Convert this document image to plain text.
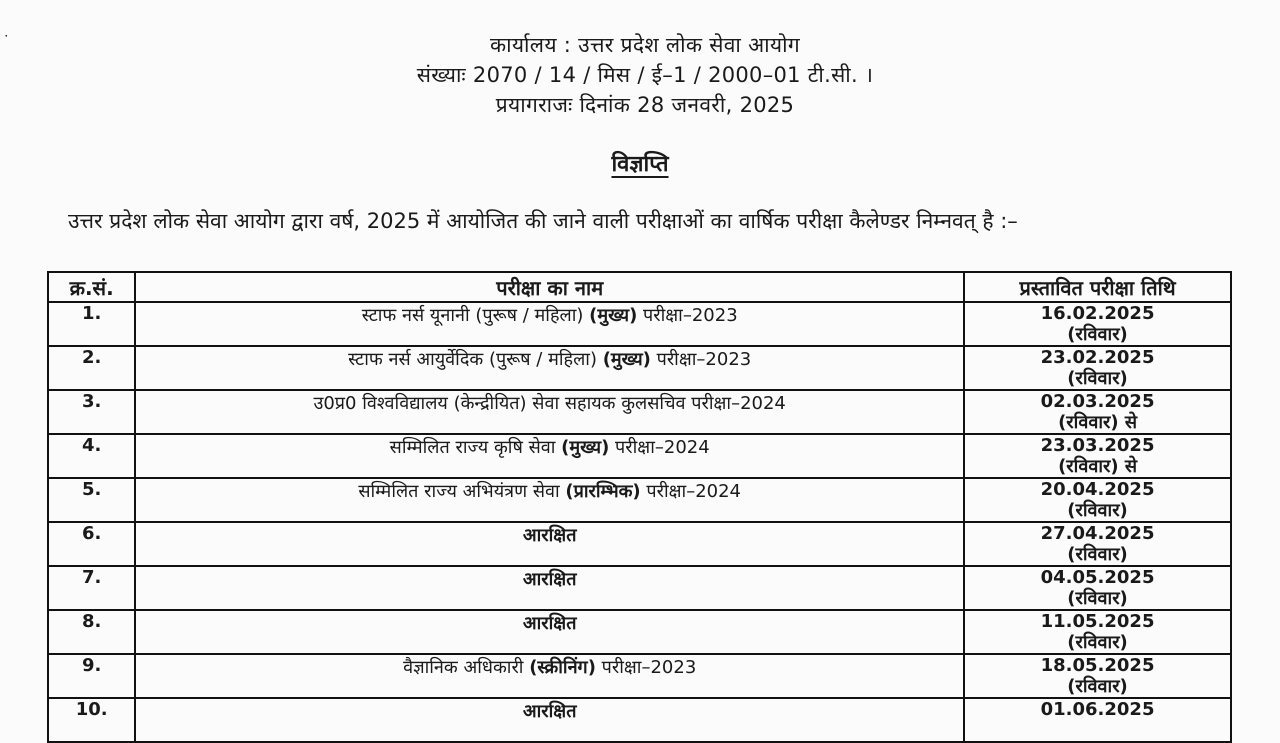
ॱ	कार्यालय : उत्तर प्रदेश लोक सेवा आयोग
संख्याः 2070 / 14 / मिस / ई–1 / 2000–01 टी.सी. ।
प्रयागराजः दिनांक 28 जनवरी, 2025
विज्ञप्ति
उत्तर प्रदेश लोक सेवा आयोग द्वारा वर्ष, 2025 में आयोजित की जाने वाली परीक्षाओं का वार्षिक परीक्षा कैलेण्डर निम्नवत् है :–
क्र.सं.	परीक्षा का नाम	प्रस्तावित परीक्षा तिथि
1.	स्टाफ नर्स यूनानी (पुरूष / महिला) (मुख्य) परीक्षा–2023	16.02.2025
(रविवार)

2.	स्टाफ नर्स आयुर्वेदिक (पुरूष / महिला) (मुख्य) परीक्षा–2023	23.02.2025
(रविवार)

3.	उ0प्र0 विश्वविद्यालय (केन्द्रीयित) सेवा सहायक कुलसचिव परीक्षा–2024	02.03.2025
(रविवार) से

4.	सम्मिलित राज्य कृषि सेवा (मुख्य) परीक्षा–2024	23.03.2025
(रविवार) से

5.	सम्मिलित राज्य अभियंत्रण सेवा (प्रारम्भिक) परीक्षा–2024	20.04.2025
(रविवार)

6.	आरक्षित	27.04.2025
(रविवार)

7.	आरक्षित	04.05.2025
(रविवार)

8.	आरक्षित	11.05.2025
(रविवार)

9.	वैज्ञानिक अधिकारी (स्क्रीनिंग) परीक्षा–2023	18.05.2025
(रविवार)

10.	आरक्षित	01.06.2025
